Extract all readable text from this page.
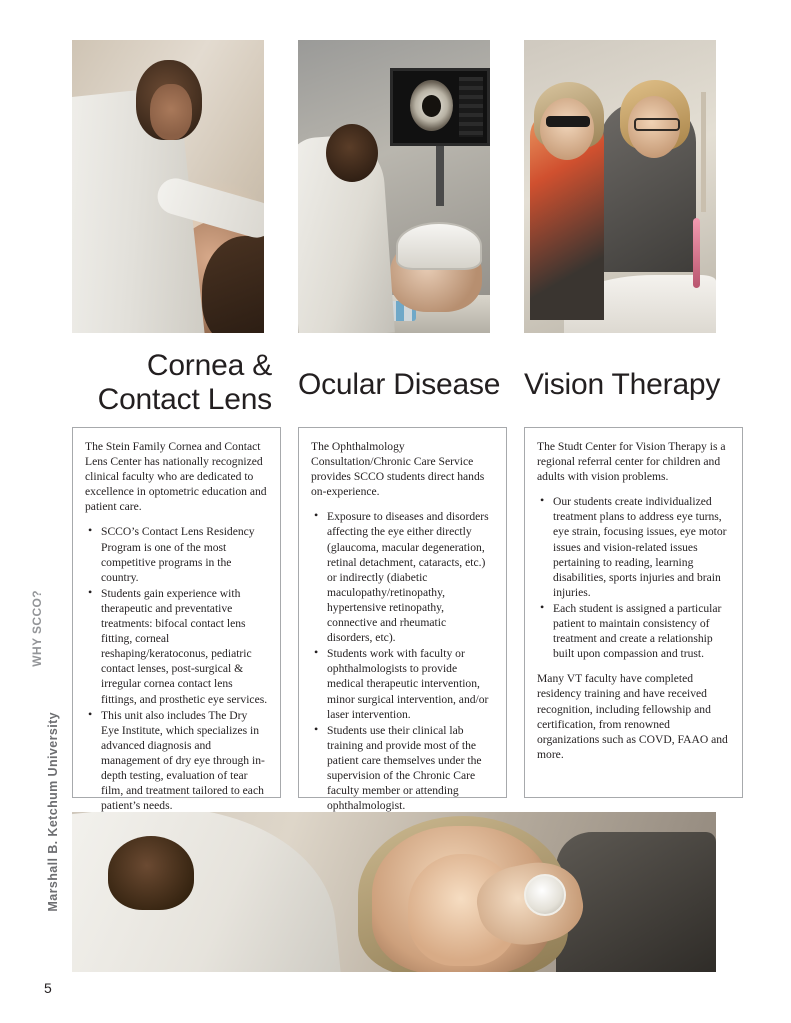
Marshall B. Ketchum University
WHY SCCO?
Cornea &
Contact Lens Ocular Disease Vision Therapy

The Stein Family Cornea and Contact Lens Center has nationally recognized clinical faculty who are dedicated to excellence in optometric education and patient care.

• SCCO’s Contact Lens Residency Program is one of the most competitive programs in the country.
• Students gain experience with therapeutic and preventative treatments: bifocal contact lens fitting, corneal reshaping/keratoconus, pediatric contact lenses, post-surgical & irregular cornea contact lens fittings, and prosthetic eye services.
• This unit also includes The Dry Eye Institute, which specializes in advanced diagnosis and management of dry eye through in-depth testing, evaluation of tear film, and treatment tailored to each patient’s needs.

The Ophthalmology Consultation/Chronic Care Service provides SCCO students direct hands on-experience.

• Exposure to diseases and disorders affecting the eye either directly (glaucoma, macular degeneration, retinal detachment, cataracts, etc.) or indirectly (diabetic maculopathy/retinopathy, hypertensive retinopathy, connective and rheumatic disorders, etc).
• Students work with faculty or ophthalmologists to provide medical therapeutic intervention, minor surgical intervention, and/or laser intervention.
• Students use their clinical lab training and provide most of the patient care themselves under the supervision of the Chronic Care faculty member or attending ophthalmologist.

The Studt Center for Vision Therapy is a regional referral center for children and adults with vision problems.

• Our students create individualized treatment plans to address eye turns, eye strain, focusing issues, eye motor issues and vision-related issues pertaining to reading, learning disabilities, sports injuries and brain injuries.
• Each student is assigned a particular patient to maintain consistency of treatment and create a relationship built upon compassion and trust.

Many VT faculty have completed residency training and have received recognition, including fellowship and certification, from renowned organizations such as COVD, FAAO and more.

5
